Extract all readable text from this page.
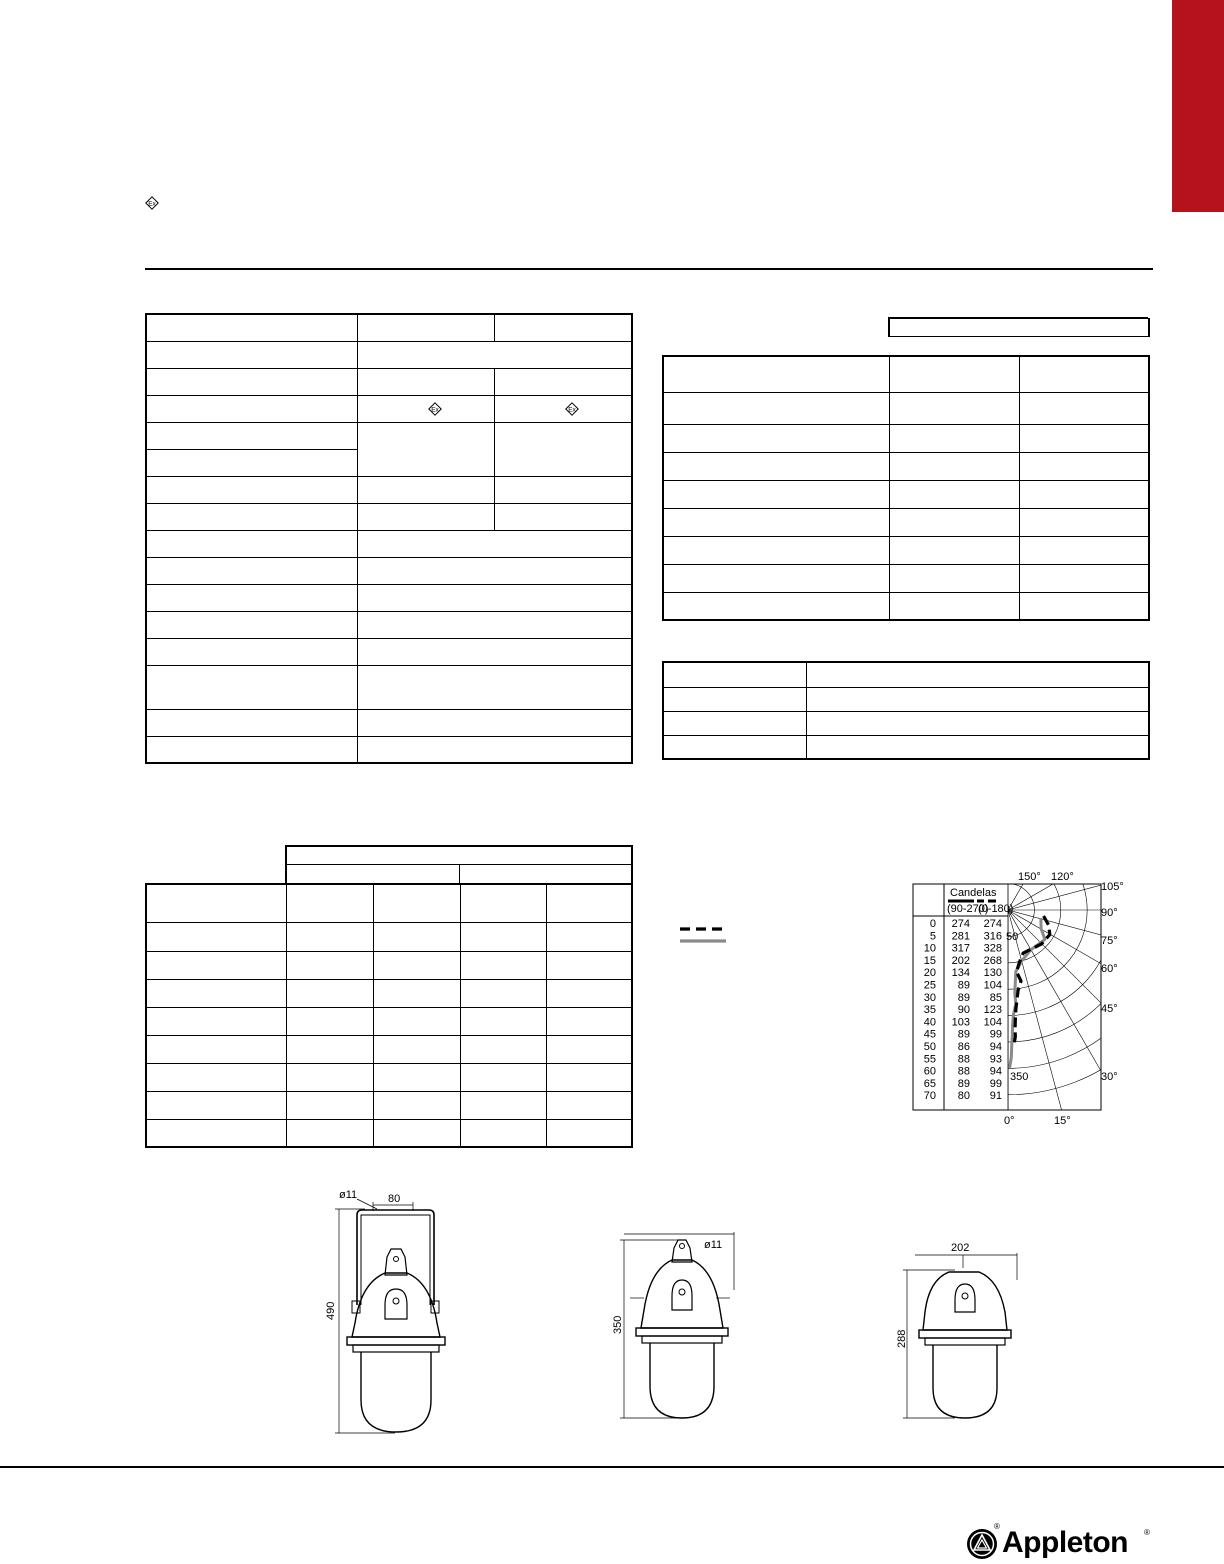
Ex

Ex	Ex

Candelas
(90-270)
(0-180)
0 274 274
5 281 316
10 317 328
15 202 268
20 134 130
25 89 104
30 89 85
35 90 123
40 103 104
45 89 99
50 86 94
55 88 93
60 88 94
65 89 99
70 80 91
150° 120°
105°
90°
75°
60°
45°
30°
0°	15°
50
350
ø11	80
490
ø11
350
202
288
® Appleton ®
